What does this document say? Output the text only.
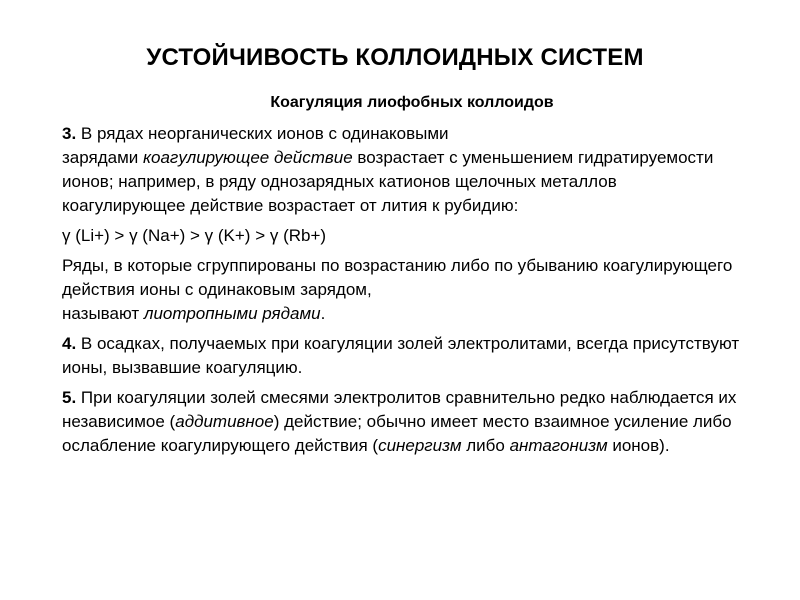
УСТОЙЧИВОСТЬ КОЛЛОИДНЫХ СИСТЕМ
Коагуляция лиофобных коллоидов

3. В рядах неорганических ионов с одинаковыми
зарядами коагулирующее действие возрастает с уменьшением гидратируемости ионов; например, в ряду однозарядных катионов щелочных металлов коагулирующее действие возрастает от лития к рубидию:

γ (Li+) > γ (Na+) > γ (K+) > γ (Rb+)

Ряды, в которые сгруппированы по возрастанию либо по убыванию коагулирующего действия ионы с одинаковым зарядом,
называют лиотропными рядами.

4. В осадках, получаемых при коагуляции золей электролитами, всегда присутствуют ионы, вызвавшие коагуляцию.

5. При коагуляции золей смесями электролитов сравнительно редко наблюдается их независимое (аддитивное) действие; обычно имеет место взаимное усиление либо ослабление коагулирующего действия (синергизм либо антагонизм ионов).
